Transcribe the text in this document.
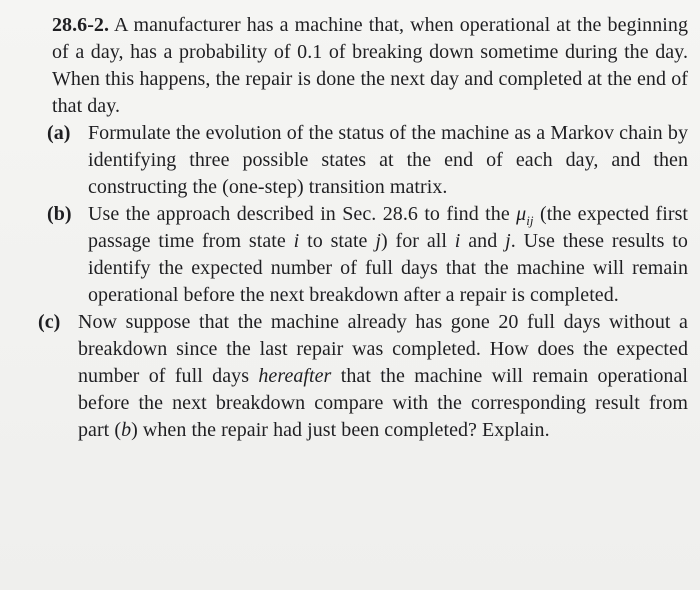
28.6-2. A manufacturer has a machine that, when operational at the beginning of a day, has a probability of 0.1 of breaking down sometime during the day. When this happens, the repair is done the next day and completed at the end of that day.

(a) Formulate the evolution of the status of the machine as a Markov chain by identifying three possible states at the end of each day, and then constructing the (one-step) transition matrix.

(b) Use the approach described in Sec. 28.6 to find the $\mu_{ij}$ (the expected first passage time from state i to state j) for all i and j. Use these results to identify the expected number of full days that the machine will remain operational before the next breakdown after a repair is completed.

(c) Now suppose that the machine already has gone 20 full days without a breakdown since the last repair was completed. How does the expected number of full days hereafter that the machine will remain operational before the next breakdown compare with the corresponding result from part (b) when the repair had just been completed? Explain.
